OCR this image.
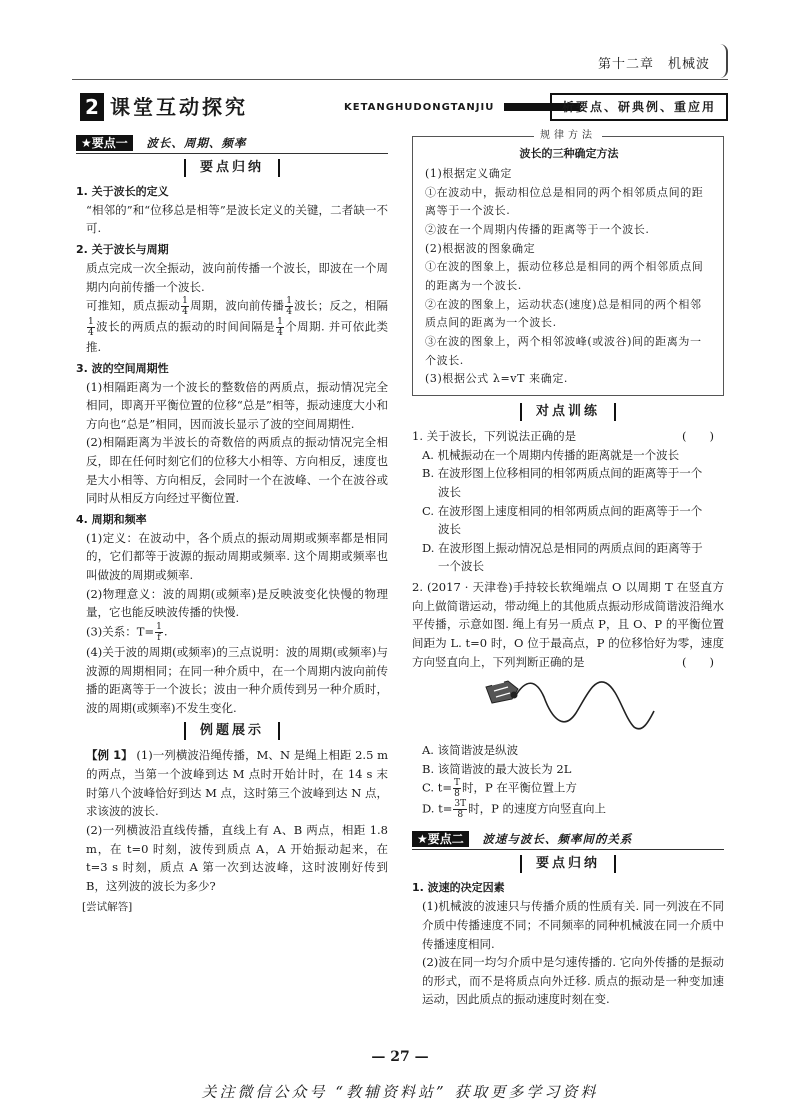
第十二章　机械波
2 课堂互动探究	KETANGHUDONGTANJIU	析要点、研典例、重应用
★要点一 波长、周期、频率
要点归纳
1. 关于波长的定义
“相邻的”和“位移总是相等”是波长定义的关键，二者缺一不可.
2. 关于波长与周期
质点完成一次全振动，波向前传播一个波长，即波在一个周期内向前传播一个波长.
可推知，质点振动 $\frac{1}{4}$ 周期，波向前传播 $\frac{1}{4}$ 波长；反之，相隔
$\frac{1}{4}$ 波长的两质点的振动的时间间隔是 $\frac{1}{4}$ 个周期. 并可依此类推.
3. 波的空间周期性
(1)相隔距离为一个波长的整数倍的两质点，振动情况完全相同，即离开平衡位置的位移“总是”相等，振动速度大小和方向也“总是”相同，因而波长显示了波的空间周期性.
(2)相隔距离为半波长的奇数倍的两质点的振动情况完全相反，即在任何时刻它们的位移大小相等、方向相反，速度也是大小相等、方向相反，会同时一个在波峰、一个在波谷或同时从相反方向经过平衡位置.
4. 周期和频率
(1)定义：在波动中，各个质点的振动周期或频率都是相同的，它们都等于波源的振动周期或频率. 这个周期或频率也叫做波的周期或频率.
(2)物理意义：波的周期(或频率)是反映波变化快慢的物理量，它也能反映波传播的快慢.
(3)关系：$T= \frac{1}{f}$ .
(4)关于波的周期(或频率)的三点说明：波的周期(或频率)与波源的周期相同；在同一种介质中，在一个周期内波向前传播的距离等于一个波长；波由一种介质传到另一种介质时，波的周期(或频率)不发生变化.
例题展示
【例 1】 (1)一列横波沿绳传播，M、N 是绳上相距 2.5 m 的两点，当第一个波峰到达 M 点时开始计时，在 14 s 末时第八个波峰恰好到达 M 点，这时第三个波峰到达 N 点，求该波的波长.
(2)一列横波沿直线传播，直线上有 A、B 两点，相距 1.8 m，在 t=0 时刻，波传到质点 A，A 开始振动起来，在 t=3 s 时刻，质点 A 第一次到达波峰，这时波刚好传到 B，这列波的波长为多少?
[尝试解答]
规律方法
波长的三种确定方法

(1)根据定义确定

①在波动中，振动相位总是相同的两个相邻质点间的距离等于一个波长.

②波在一个周期内传播的距离等于一个波长.

(2)根据波的图象确定

①在波的图象上，振动位移总是相同的两个相邻质点间的距离为一个波长.

②在波的图象上，运动状态(速度)总是相同的两个相邻质点间的距离为一个波长.

③在波的图象上，两个相邻波峰(或波谷)间的距离为一个波长.

(3)根据公式 λ=vT 来确定.

对点训练
1. 关于波长，下列说法正确的是	(　　)
A. 机械振动在一个周期内传播的距离就是一个波长
B. 在波形图上位移相同的相邻两质点间的距离等于一个
波长
C. 在波形图上速度相同的相邻两质点间的距离等于一个
波长
D. 在波形图上振动情况总是相同的两质点间的距离等于
一个波长
2. (2017 · 天津卷)手持较长软绳端点 O 以周期 T 在竖直方向上做简谐运动，带动绳上的其他质点振动形成简谐波沿绳水平传播，示意如图. 绳上有另一质点 P，且 O、P 的平衡位置间距为 L. t=0 时，O 位于最高点，P 的位移恰好为零，速度方向竖直向上，下列判断正确的是	(　　)
A. 该简谐波是纵波
B. 该简谐波的最大波长为 2L
C. $t= \frac{T}{8}$ 时，P 在平衡位置上方
D. $t= \frac{3T}{8}$ 时，P 的速度方向竖直向上
★要点二 波速与波长、频率间的关系
要点归纳
1. 波速的决定因素
(1)机械波的波速只与传播介质的性质有关. 同一列波在不同介质中传播速度不同；不同频率的同种机械波在同一介质中传播速度相同.
(2)波在同一均匀介质中是匀速传播的. 它向外传播的是振动的形式，而不是将质点向外迁移. 质点的振动是一种变加速运动，因此质点的振动速度时刻在变.
— 27 —
关注微信公众号 “教辅资料站” 获取更多学习资料
